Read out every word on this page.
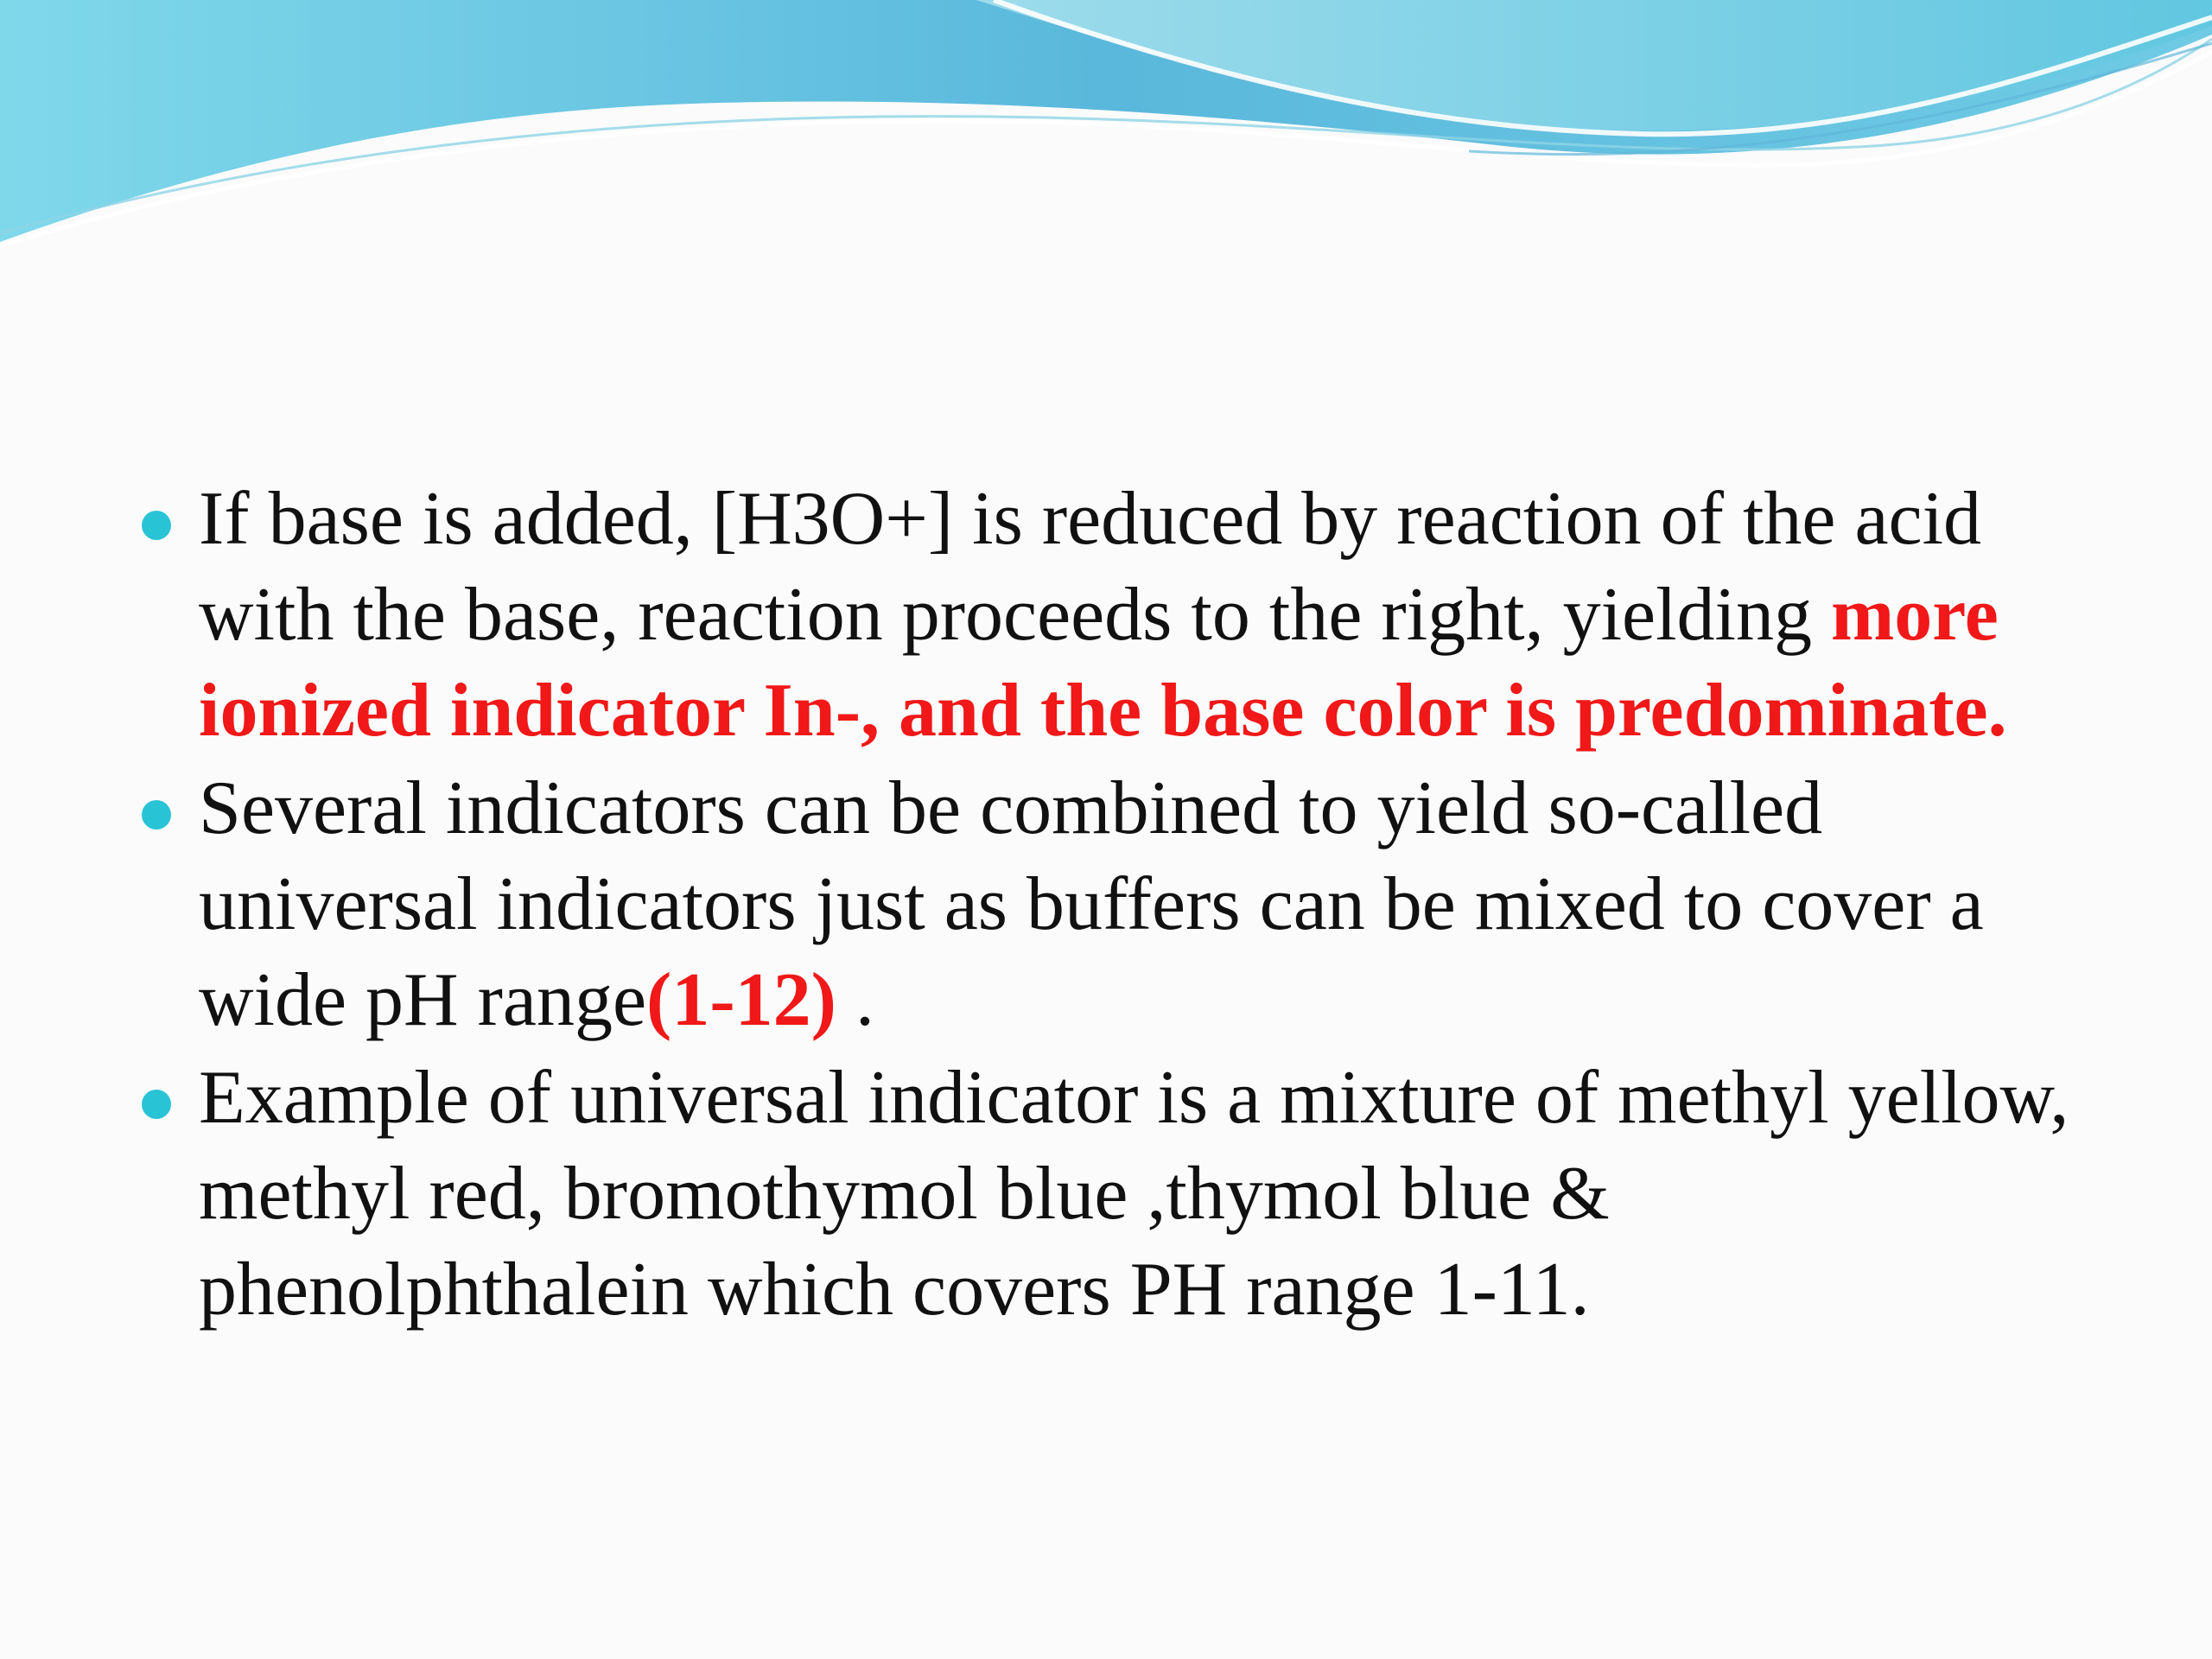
If base is added, [H3O+] is reduced by reaction of the acid with the base, reaction proceeds to the right, yielding more ionized indicator In-, and the base color is predominate.
Several indicators can be combined to yield so-called universal indicators just as buffers can be mixed to cover a wide pH range(1-12) .
Example of universal indicator is a mixture of methyl yellow, methyl red, bromothymol blue ,thymol blue & phenolphthalein which covers PH range 1-11.
